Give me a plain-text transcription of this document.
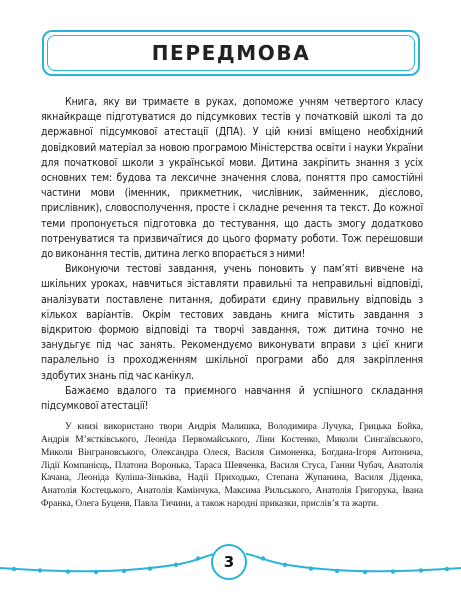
ПЕРЕДМОВА

Книга, яку ви тримаєте в руках, допоможе учням четвертого класу якнайкраще підготуватися до підсумкових тестів у початковій школі та до державної підсумкової атестації (ДПА). У цій книзі вміщено необхідний довідковий матеріал за новою програмою Міністерства освіти і науки України для початкової школи з української мови. Дитина закріпить знання з усіх основних тем: будова та лексичне значення слова, поняття про самостійні частини мови (іменник, прикметник, числівник, займенник, дієслово, прислівник), словосполучення, просте і складне речення та текст. До кожної теми пропонується підготовка до тестування, що дасть змогу додатково потренуватися та призвичаїтися до цього формату роботи. Тож перешовши до виконання тестів, дитина легко впорається з ними!

Виконуючи тестові завдання, учень поновить у пам’яті вивчене на шкільних уроках, навчиться зіставляти правильні та неправильні відповіді, аналізувати поставлене питання, добирати єдину правильну відповідь з кількох варіантів. Окрім тестових завдань книга містить завдання з відкритою формою відповіді та творчі завдання, тож дитина точно не занудьгує під час занять. Рекомендуємо виконувати вправи з цієї книги паралельно із проходженням шкільної програми або для закріплення здобутих знань під час канікул.

Бажаємо вдалого та приємного навчання й успішного складання підсумкової атестації!

У книзі використано твори Андрія Малишка, Володимира Лучука, Грицька Бойка, Андрія М’ястківського, Леоніда Первомайського, Ліни Костенко, Миколи Сингаївського, Миколи Вінграновського, Олександра Олеся, Василя Симоненка, Богдана-Ігоря Антонича, Лідії Компанієць, Платона Воронька, Тараса Шевченка, Василя Стуса, Ганни Чубач, Анатолія Качана, Леоніда Куліша-Зіньківа, Надії Приходько, Степана Жупанина, Василя Діденка, Анатолія Костецького, Анатолія Камінчука, Максима Рильського, Анатолія Григорука, Івана Франка, Олега Буценя, Павла Тичини, а також народні приказки, прислів’я та жарти.

3
